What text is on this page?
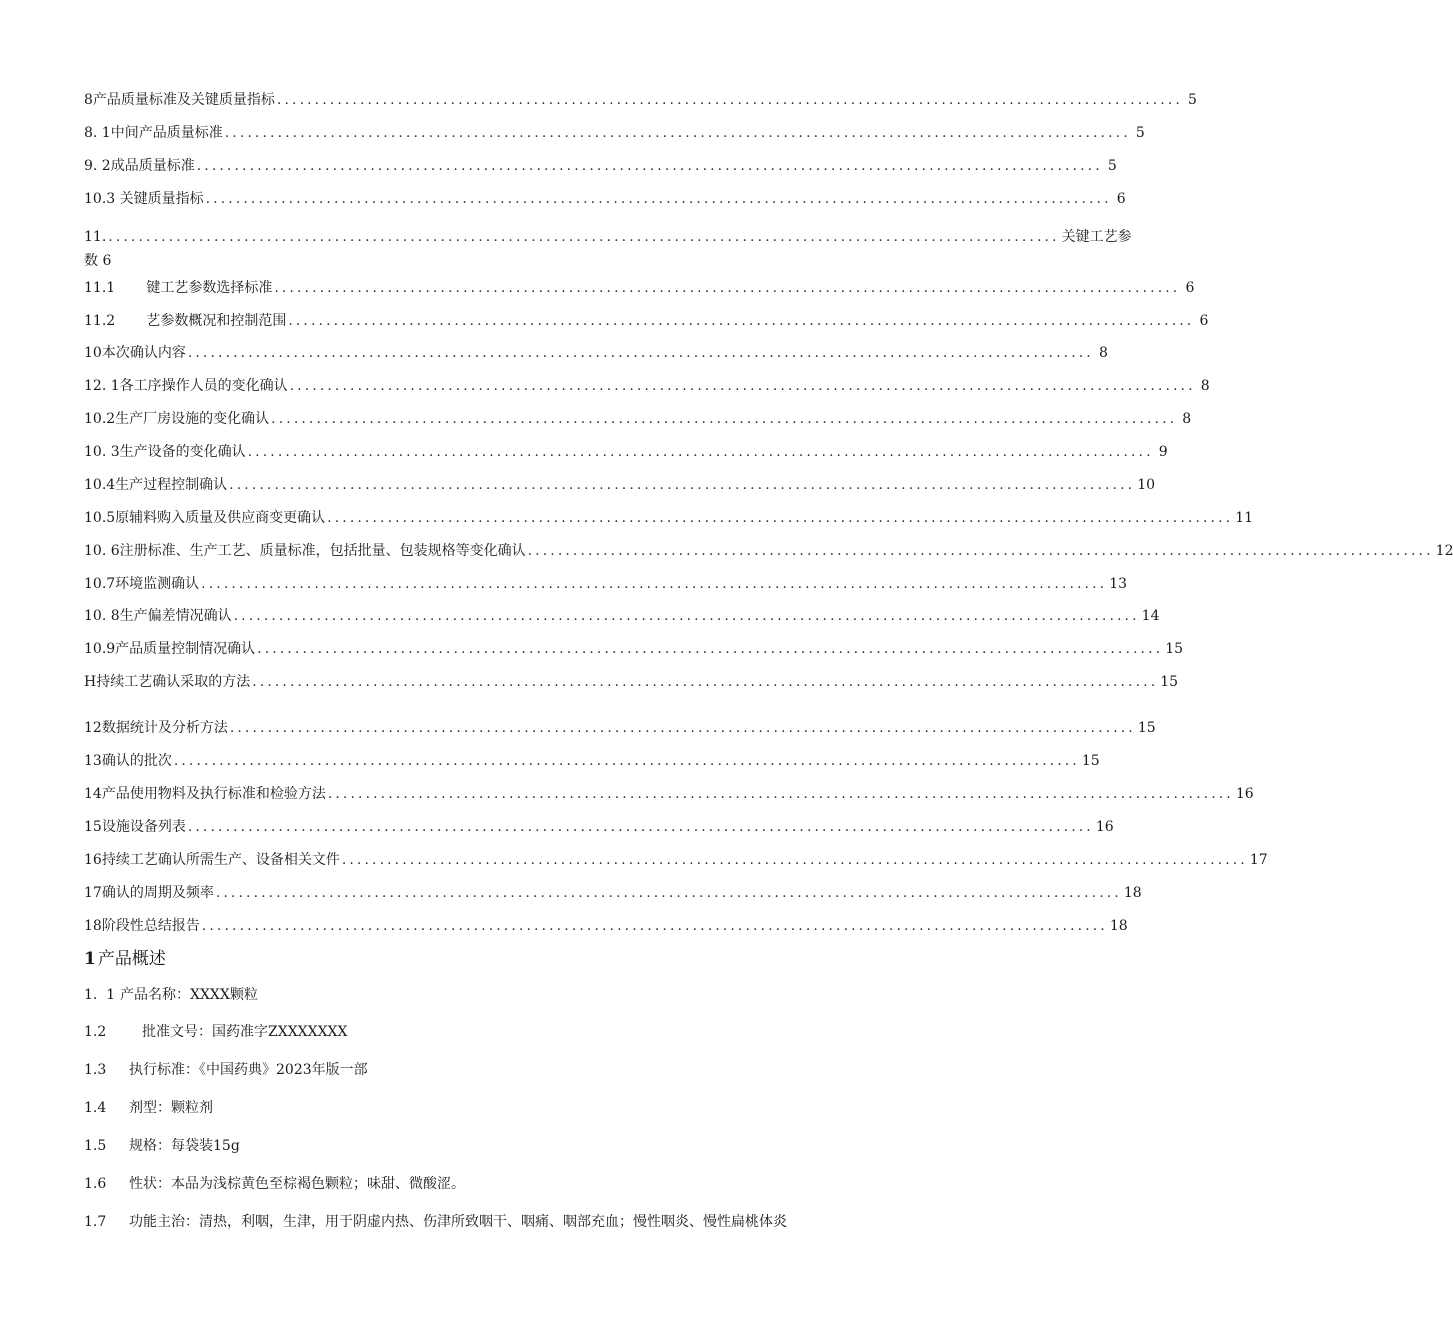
8产品质量标准及关键质量指标 ........................................................................................................................ 5
8. 1中间产品质量标准 ........................................................................................................................ 5
9. 2成品质量标准 ........................................................................................................................ 5
10.3 关键质量指标 ........................................................................................................................ 6
11. .............................................................................................................................. 关键工艺参
数 6
11.1       键工艺参数选择标准 ........................................................................................................................ 6
11.2       艺参数概况和控制范围 ........................................................................................................................ 6
10本次确认内容 ........................................................................................................................ 8
12. 1各工序操作人员的变化确认 ........................................................................................................................ 8
10.2生产厂房设施的变化确认 ........................................................................................................................ 8
10. 3生产设备的变化确认 ........................................................................................................................ 9
10.4生产过程控制确认 ........................................................................................................................ 10
10.5原辅料购入质量及供应商变更确认 ........................................................................................................................ 11
10. 6注册标准、生产工艺、质量标准，包括批量、包装规格等变化确认 ........................................................................................................................ 12
10.7环境监测确认 ........................................................................................................................ 13
10. 8生产偏差情况确认 ........................................................................................................................ 14
10.9产品质量控制情况确认 ........................................................................................................................ 15
H持续工艺确认采取的方法 ........................................................................................................................ 15
12数据统计及分析方法 ........................................................................................................................ 15
13确认的批次 ........................................................................................................................ 15
14产品使用物料及执行标准和检验方法 ........................................................................................................................ 16
15设施设备列表 ........................................................................................................................ 16
16持续工艺确认所需生产、设备相关文件 ........................................................................................................................ 17
17确认的周期及频率 ........................................................................................................................ 18
18阶段性总结报告 ........................................................................................................................ 18
1 产品概述
1.  1 产品名称：XXXX颗粒
1.2	批准文号：国药准字ZXXXXXXX
1.3 执行标准：《中国药典》2023年版一部
1.4 剂型：颗粒剂
1.5 规格：每袋装15g
1.6 性状：本品为浅棕黄色至棕褐色颗粒；味甜、微酸涩。
1.7 功能主治：清热，利咽，生津，用于阴虚内热、伤津所致咽干、咽痛、咽部充血；慢性咽炎、慢性扁桃体炎
